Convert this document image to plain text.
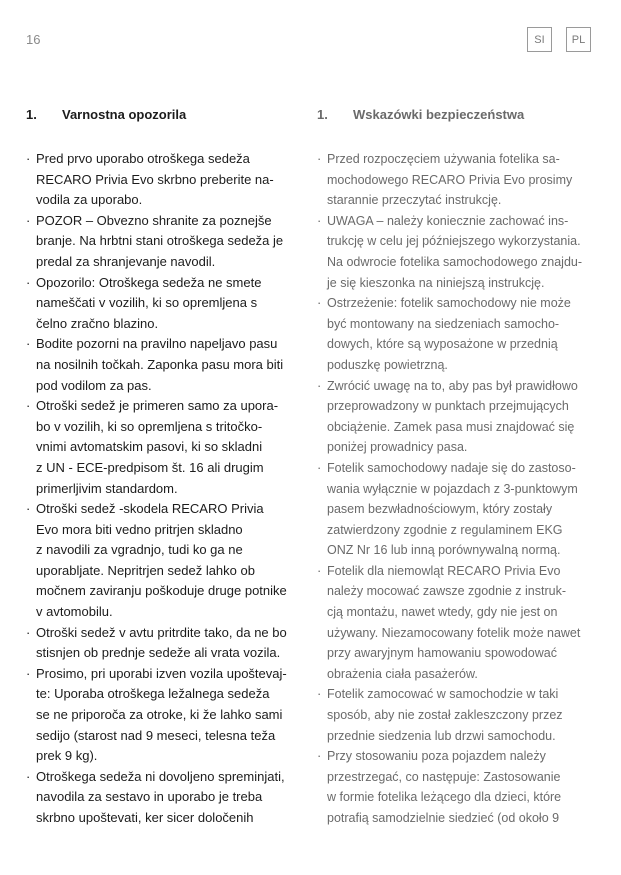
16	SI	PL
1.	Varnostna opozorila
· Pred prvo uporabo otroškega sedeža
RECARO Privia Evo skrbno preberite na-
vodila za uporabo.
· POZOR – Obvezno shranite za poznejše
branje. Na hrbtni stani otroškega sedeža je
predal za shranjevanje navodil.
· Opozorilo: Otroškega sedeža ne smete
nameščati v vozilih, ki so opremljena s
čelno zračno blazino.
· Bodite pozorni na pravilno napeljavo pasu
na nosilnih točkah. Zaponka pasu mora biti
pod vodilom za pas.
· Otroški sedež je primeren samo za upora-
bo v vozilih, ki so opremljena s tritočko-
vnimi avtomatskim pasovi, ki so skladni
z UN - ECE-predpisom št. 16 ali drugim
primerljivim standardom.
· Otroški sedež -skodela RECARO Privia
Evo mora biti vedno pritrjen skladno
z navodili za vgradnjo, tudi ko ga ne
uporabljate. Nepritrjen sedež lahko ob
močnem zaviranju poškoduje druge potnike
v avtomobilu.
· Otroški sedež v avtu pritrdite tako, da ne bo
stisnjen ob prednje sedeže ali vrata vozila.
· Prosimo, pri uporabi izven vozila upoštevaj-
te: Uporaba otroškega ležalnega sedeža
se ne priporoča za otroke, ki že lahko sami
sedijo (starost nad 9 meseci, telesna teža
prek 9 kg).
· Otroškega sedeža ni dovoljeno spreminjati,
navodila za sestavo in uporabo je treba
skrbno upoštevati, ker sicer določenih
1.	Wskazówki bezpieczeństwa
· Przed rozpoczęciem używania fotelika sa-
mochodowego RECARO Privia Evo prosimy
starannie przeczytać instrukcję.
· UWAGA – należy koniecznie zachować ins-
trukcję w celu jej późniejszego wykorzystania.
Na odwrocie fotelika samochodowego znajdu-
je się kieszonka na niniejszą instrukcję.
· Ostrzeżenie: fotelik samochodowy nie może
być montowany na siedzeniach samocho-
dowych, które są wyposażone w przednią
poduszkę powietrzną.
· Zwrócić uwagę na to, aby pas był prawidłowo
przeprowadzony w punktach przejmujących
obciążenie. Zamek pasa musi znajdować się
poniżej prowadnicy pasa.
· Fotelik samochodowy nadaje się do zastoso-
wania wyłącznie w pojazdach z 3-punktowym
pasem bezwładnościowym, który zostały
zatwierdzony zgodnie z regulaminem EKG
ONZ Nr 16 lub inną porównywalną normą.
· Fotelik dla niemowląt RECARO Privia Evo
należy mocować zawsze zgodnie z instruk-
cją montażu, nawet wtedy, gdy nie jest on
używany. Niezamocowany fotelik może nawet
przy awaryjnym hamowaniu spowodować
obrażenia ciała pasażerów.
· Fotelik zamocować w samochodzie w taki
sposób, aby nie został zakleszczony przez
przednie siedzenia lub drzwi samochodu.
· Przy stosowaniu poza pojazdem należy
przestrzegać, co następuje: Zastosowanie
w formie fotelika leżącego dla dzieci, które
potrafią samodzielnie siedzieć (od około 9
